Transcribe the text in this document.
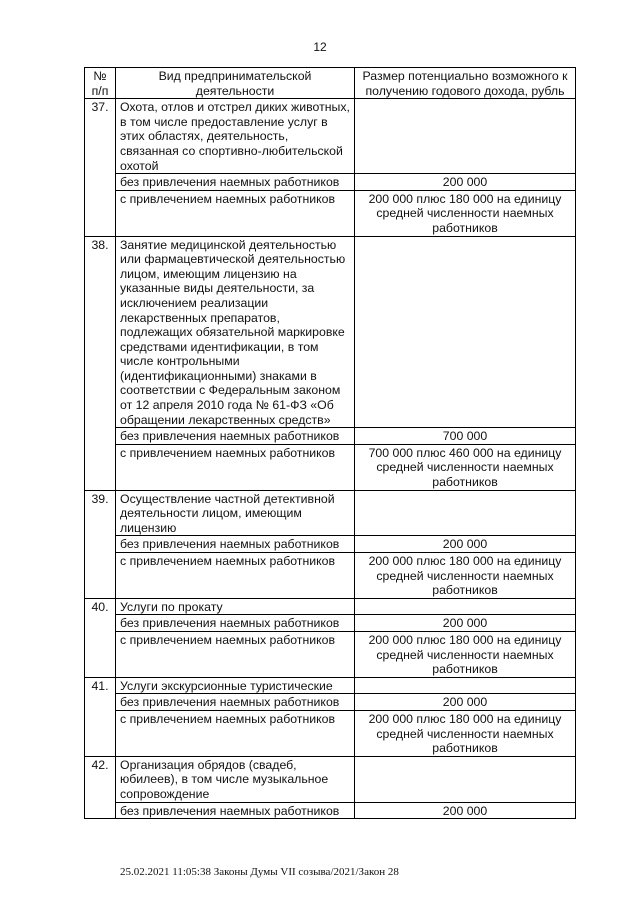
12
№ п/п	Вид предпринимательской деятельности	Размер потенциально возможного к получению годового дохода, рубль
37.	Охота, отлов и отстрел диких животных, в том числе предоставление услуг в этих областях, деятельность, связанная со спортивно-любительской охотой	
	без привлечения наемных работников	200 000
	с привлечением наемных работников	200 000 плюс 180 000 на единицу средней численности наемных работников
38.	Занятие медицинской деятельностью или фармацевтической деятельностью лицом, имеющим лицензию на указанные виды деятельности, за исключением реализации лекарственных препаратов, подлежащих обязательной маркировке средствами идентификации, в том числе контрольными (идентификационными) знаками в соответствии с Федеральным законом от 12 апреля 2010 года № 61-ФЗ «Об обращении лекарственных средств»	
	без привлечения наемных работников	700 000
	с привлечением наемных работников	700 000 плюс 460 000 на единицу средней численности наемных работников
39.	Осуществление частной детективной деятельности лицом, имеющим лицензию	
	без привлечения наемных работников	200 000
	с привлечением наемных работников	200 000 плюс 180 000 на единицу средней численности наемных работников
40.	Услуги по прокату	
	без привлечения наемных работников	200 000
	с привлечением наемных работников	200 000 плюс 180 000 на единицу средней численности наемных работников
41.	Услуги экскурсионные туристические	
	без привлечения наемных работников	200 000
	с привлечением наемных работников	200 000 плюс 180 000 на единицу средней численности наемных работников
42.	Организация обрядов (свадеб, юбилеев), в том числе музыкальное сопровождение	
	без привлечения наемных работников	200 000
25.02.2021 11:05:38 Законы Думы VII созыва/2021/Закон 28
